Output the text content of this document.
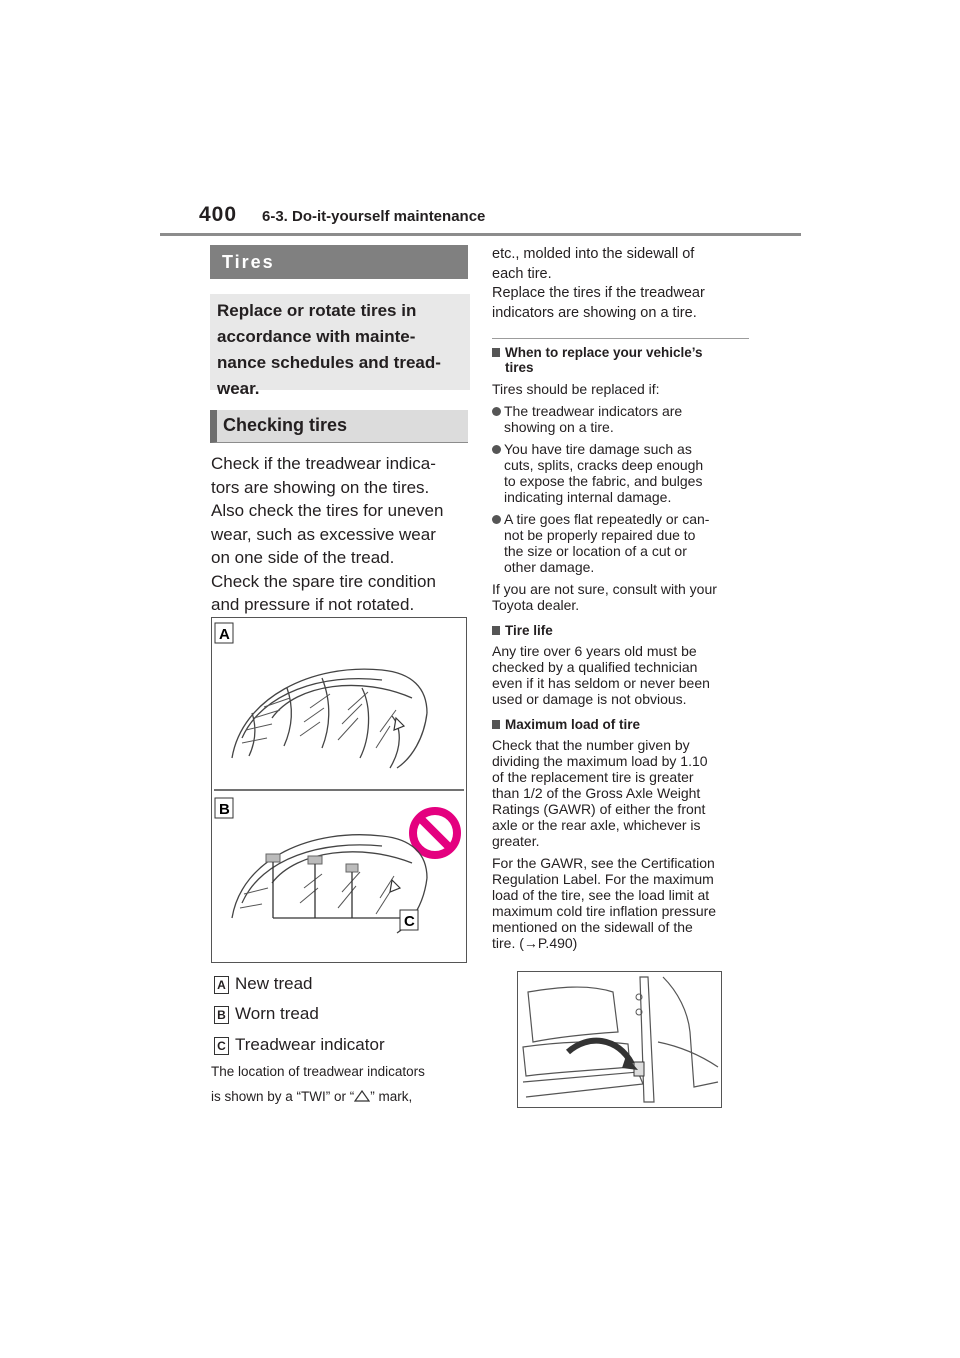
400 6-3. Do-it-yourself maintenance
Tires
Replace or rotate tires in
accordance with mainte-
nance schedules and tread-
wear.
Checking tires
Check if the treadwear indica-
tors are showing on the tires.
Also check the tires for uneven
wear, such as excessive wear
on one side of the tread.
Check the spare tire condition
and pressure if not rotated.
A
B
C
A New tread
B Worn tread
C Treadwear indicator
The location of treadwear indicators
is shown by a “TWI” or “ ” mark,

etc., molded into the sidewall of

each tire.

Replace the tires if the treadwear

indicators are showing on a tire.

When to replace your vehicle’s
tires

Tires should be replaced if:

The treadwear indicators are

showing on a tire.

You have tire damage such as

cuts, splits, cracks deep enough

to expose the fabric, and bulges

indicating internal damage.

A tire goes flat repeatedly or can-

not be properly repaired due to

the size or location of a cut or

other damage.

If you are not sure, consult with your

Toyota dealer.

Tire life

Any tire over 6 years old must be

checked by a qualified technician

even if it has seldom or never been

used or damage is not obvious.

Maximum load of tire

Check that the number given by

dividing the maximum load by 1.10

of the replacement tire is greater

than 1/2 of the Gross Axle Weight

Ratings (GAWR) of either the front

axle or the rear axle, whichever is

greater.

For the GAWR, see the Certification

Regulation Label. For the maximum

load of the tire, see the load limit at

maximum cold tire inflation pressure

mentioned on the sidewall of the

tire. (→P.490)
